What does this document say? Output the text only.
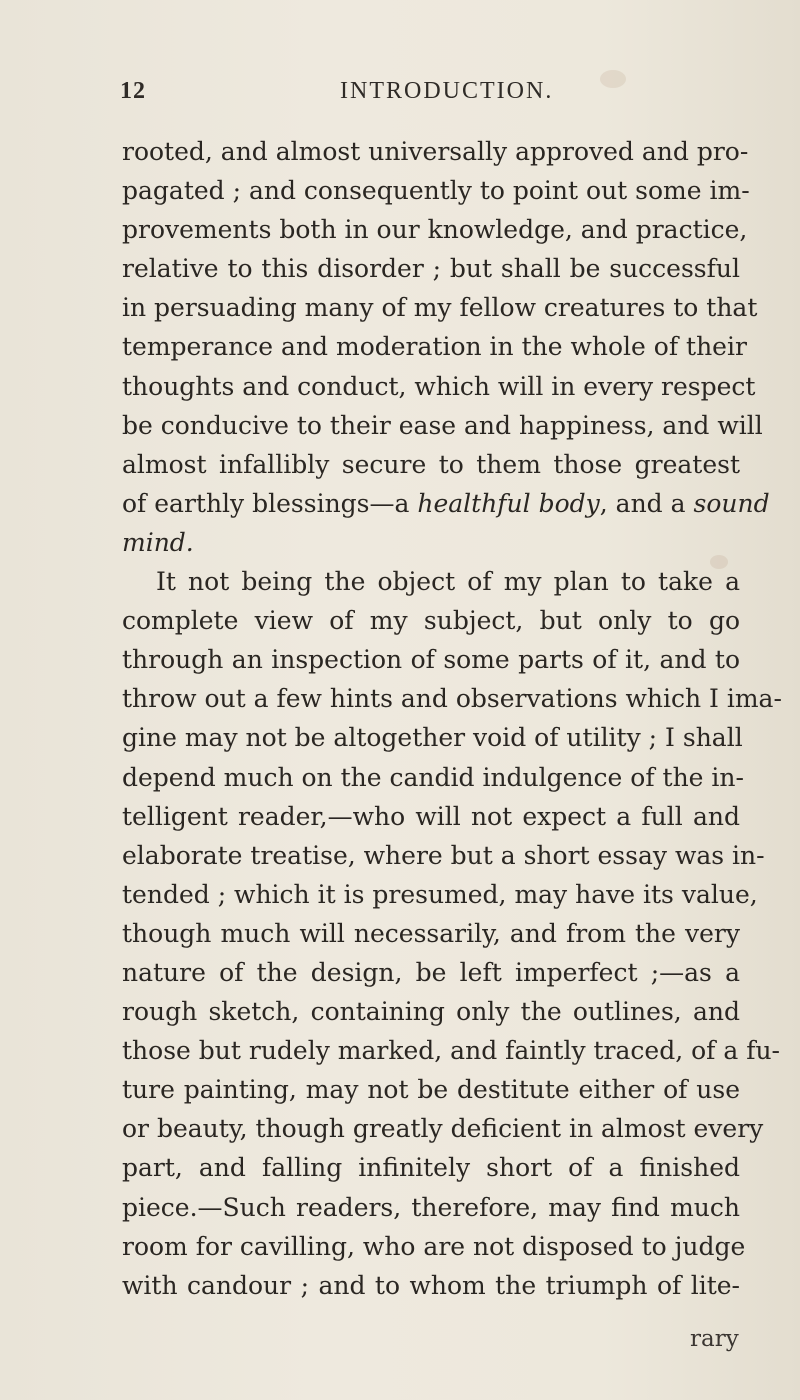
12	INTRODUCTION.
rooted, and almost universally approved and pro-
pagated ; and consequently to point out some im-
provements both in our knowledge, and practice,
relative to this disorder ; but shall be successful
in persuading many of my fellow creatures to that
temperance and moderation in the whole of their
thoughts and conduct, which will in every respect
be conducive to their ease and happiness, and will
almost infallibly secure to them those greatest
of earthly blessings—a healthful body, and a sound
mind.
It not being the object of my plan to take a
complete view of my subject, but only to go
through an inspection of some parts of it, and to
throw out a few hints and observations which I ima-
gine may not be altogether void of utility ; I shall
depend much on the candid indulgence of the in-
telligent reader,—who will not expect a full and
elaborate treatise, where but a short essay was in-
tended ; which it is presumed, may have its value,
though much will necessarily, and from the very
nature of the design, be left imperfect ;—as a
rough sketch, containing only the outlines, and
those but rudely marked, and faintly traced, of a fu-
ture painting, may not be destitute either of use
or beauty, though greatly deficient in almost every
part, and falling infinitely short of a finished
piece.—Such readers, therefore, may find much
room for cavilling, who are not disposed to judge
with candour ; and to whom the triumph of lite-
rary
